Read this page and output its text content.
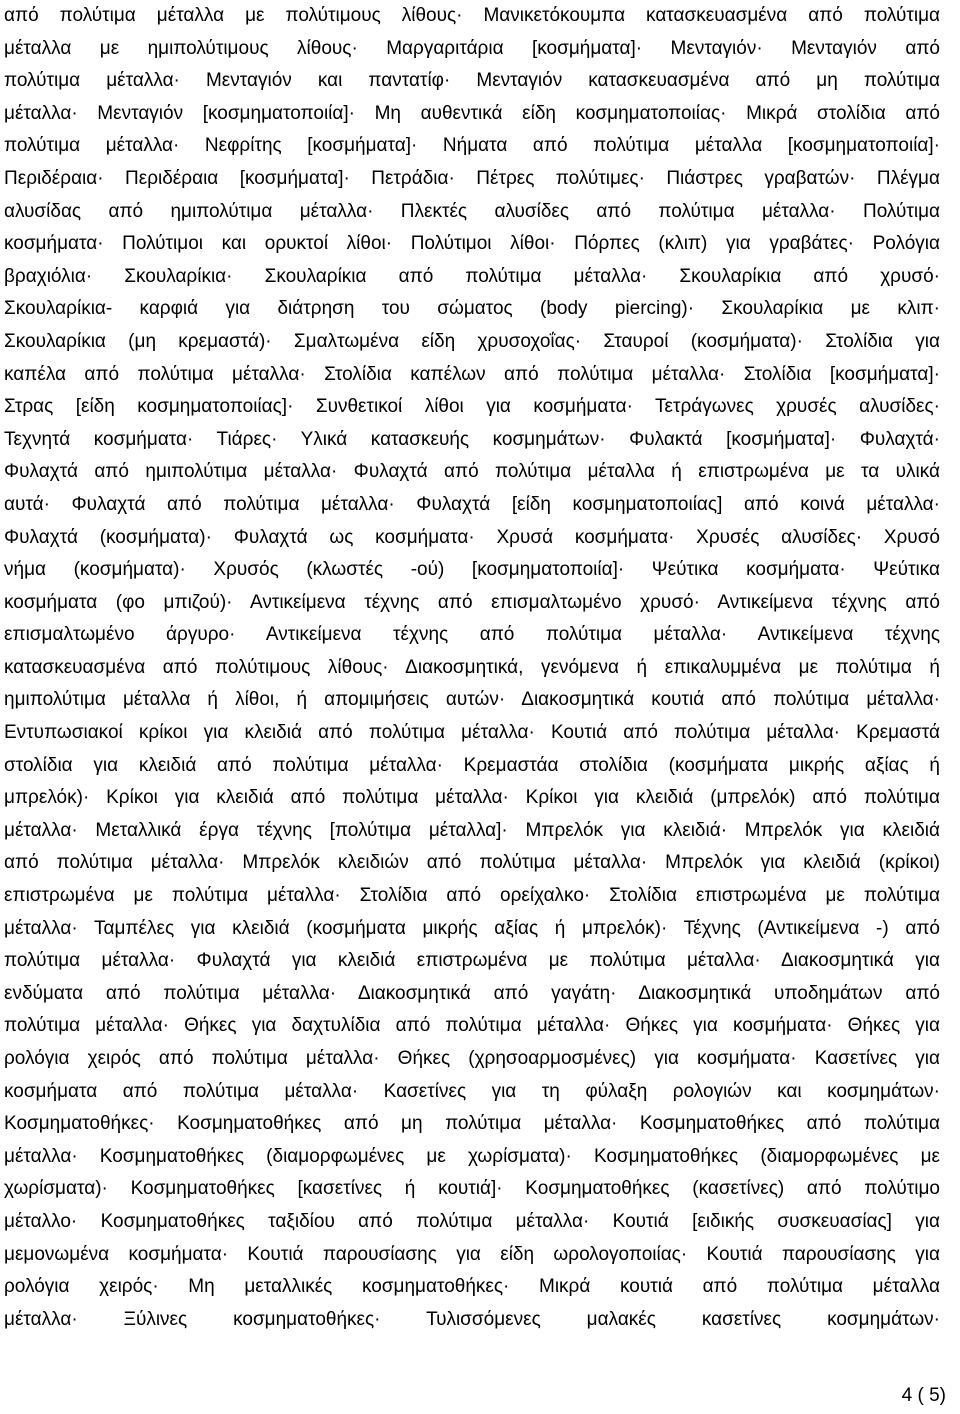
από πολύτιμα μέταλλα με πολύτιμους λίθους· Μανικετόκουμπα κατασκευασμένα από πολύτιμα
μέταλλα με ημιπολύτιμους λίθους· Μαργαριτάρια [κοσμήματα]· Μενταγιόν· Μενταγιόν από
πολύτιμα μέταλλα· Μενταγιόν και παντατίφ· Μενταγιόν κατασκευασμένα από μη πολύτιμα
μέταλλα· Μενταγιόν [κοσμηματοποιία]· Μη αυθεντικά είδη κοσμηματοποιίας· Μικρά στολίδια από
πολύτιμα μέταλλα· Νεφρίτης [κοσμήματα]· Νήματα από πολύτιμα μέταλλα [κοσμηματοποιία]·
Περιδέραια· Περιδέραια [κοσμήματα]· Πετράδια· Πέτρες πολύτιμες· Πιάστρες γραβατών· Πλέγμα
αλυσίδας από ημιπολύτιμα μέταλλα· Πλεκτές αλυσίδες από πολύτιμα μέταλλα· Πολύτιμα
κοσμήματα· Πολύτιμοι και ορυκτοί λίθοι· Πολύτιμοι λίθοι· Πόρπες (κλιπ) για γραβάτες· Ρολόγια
βραχιόλια· Σκουλαρίκια· Σκουλαρίκια από πολύτιμα μέταλλα· Σκουλαρίκια από χρυσό·
Σκουλαρίκια- καρφιά για διάτρηση του σώματος (body piercing)· Σκουλαρίκια με κλιπ·
Σκουλαρίκια (μη κρεμαστά)· Σμαλτωμένα είδη χρυσοχοΐας· Σταυροί (κοσμήματα)· Στολίδια για
καπέλα από πολύτιμα μέταλλα· Στολίδια καπέλων από πολύτιμα μέταλλα· Στολίδια [κοσμήματα]·
Στρας [είδη κοσμηματοποιίας]· Συνθετικοί λίθοι για κοσμήματα· Τετράγωνες χρυσές αλυσίδες·
Τεχνητά κοσμήματα· Τιάρες· Υλικά κατασκευής κοσμημάτων· Φυλακτά [κοσμήματα]· Φυλαχτά·
Φυλαχτά από ημιπολύτιμα μέταλλα· Φυλαχτά από πολύτιμα μέταλλα ή επιστρωμένα με τα υλικά
αυτά· Φυλαχτά από πολύτιμα μέταλλα· Φυλαχτά [είδη κοσμηματοποιίας] από κοινά μέταλλα·
Φυλαχτά (κοσμήματα)· Φυλαχτά ως κοσμήματα· Χρυσά κοσμήματα· Χρυσές αλυσίδες· Χρυσό
νήμα (κοσμήματα)· Χρυσός (κλωστές -ού) [κοσμηματοποιία]· Ψεύτικα κοσμήματα· Ψεύτικα
κοσμήματα (φο μπιζού)· Αντικείμενα τέχνης από επισμαλτωμένο χρυσό· Αντικείμενα τέχνης από
επισμαλτωμένο άργυρο· Αντικείμενα τέχνης από πολύτιμα μέταλλα· Αντικείμενα τέχνης
κατασκευασμένα από πολύτιμους λίθους· Διακοσμητικά, γενόμενα ή επικαλυμμένα με πολύτιμα ή
ημιπολύτιμα μέταλλα ή λίθοι, ή απομιμήσεις αυτών· Διακοσμητικά κουτιά από πολύτιμα μέταλλα·
Εντυπωσιακοί κρίκοι για κλειδιά από πολύτιμα μέταλλα· Κουτιά από πολύτιμα μέταλλα· Κρεμαστά
στολίδια για κλειδιά από πολύτιμα μέταλλα· Κρεμαστάα στολίδια (κοσμήματα μικρής αξίας ή
μπρελόκ)· Κρίκοι για κλειδιά από πολύτιμα μέταλλα· Κρίκοι για κλειδιά (μπρελόκ) από πολύτιμα
μέταλλα· Μεταλλικά έργα τέχνης [πολύτιμα μέταλλα]· Μπρελόκ για κλειδιά· Μπρελόκ για κλειδιά
από πολύτιμα μέταλλα· Μπρελόκ κλειδιών από πολύτιμα μέταλλα· Μπρελόκ για κλειδιά (κρίκοι)
επιστρωμένα με πολύτιμα μέταλλα· Στολίδια από ορείχαλκο· Στολίδια επιστρωμένα με πολύτιμα
μέταλλα· Ταμπέλες για κλειδιά (κοσμήματα μικρής αξίας ή μπρελόκ)· Τέχνης (Αντικείμενα -) από
πολύτιμα μέταλλα· Φυλαχτά για κλειδιά επιστρωμένα με πολύτιμα μέταλλα· Διακοσμητικά για
ενδύματα από πολύτιμα μέταλλα· Διακοσμητικά από γαγάτη· Διακοσμητικά υποδημάτων από
πολύτιμα μέταλλα· Θήκες για δαχτυλίδια από πολύτιμα μέταλλα· Θήκες για κοσμήματα· Θήκες για
ρολόγια χειρός από πολύτιμα μέταλλα· Θήκες (χρησοαρμοσμένες) για κοσμήματα· Κασετίνες για
κοσμήματα από πολύτιμα μέταλλα· Κασετίνες για τη φύλαξη ρολογιών και κοσμημάτων·
Κοσμηματοθήκες· Κοσμηματοθήκες από μη πολύτιμα μέταλλα· Κοσμηματοθήκες από πολύτιμα
μέταλλα· Κοσμηματοθήκες (διαμορφωμένες με χωρίσματα)· Κοσμηματοθήκες (διαμορφωμένες με
χωρίσματα)· Κοσμηματοθήκες [κασετίνες ή κουτιά]· Κοσμηματοθήκες (κασετίνες) από πολύτιμο
μέταλλο· Κοσμηματοθήκες ταξιδίου από πολύτιμα μέταλλα· Κουτιά [ειδικής συσκευασίας] για
μεμονωμένα κοσμήματα· Κουτιά παρουσίασης για είδη ωρολογοποιίας· Κουτιά παρουσίασης για
ρολόγια χειρός· Μη μεταλλικές κοσμηματοθήκες· Μικρά κουτιά από πολύτιμα μέταλλα
μέταλλα· Ξύλινες κοσμηματοθήκες· Τυλισσόμενες μαλακές κασετίνες κοσμημάτων·
4 ( 5)
